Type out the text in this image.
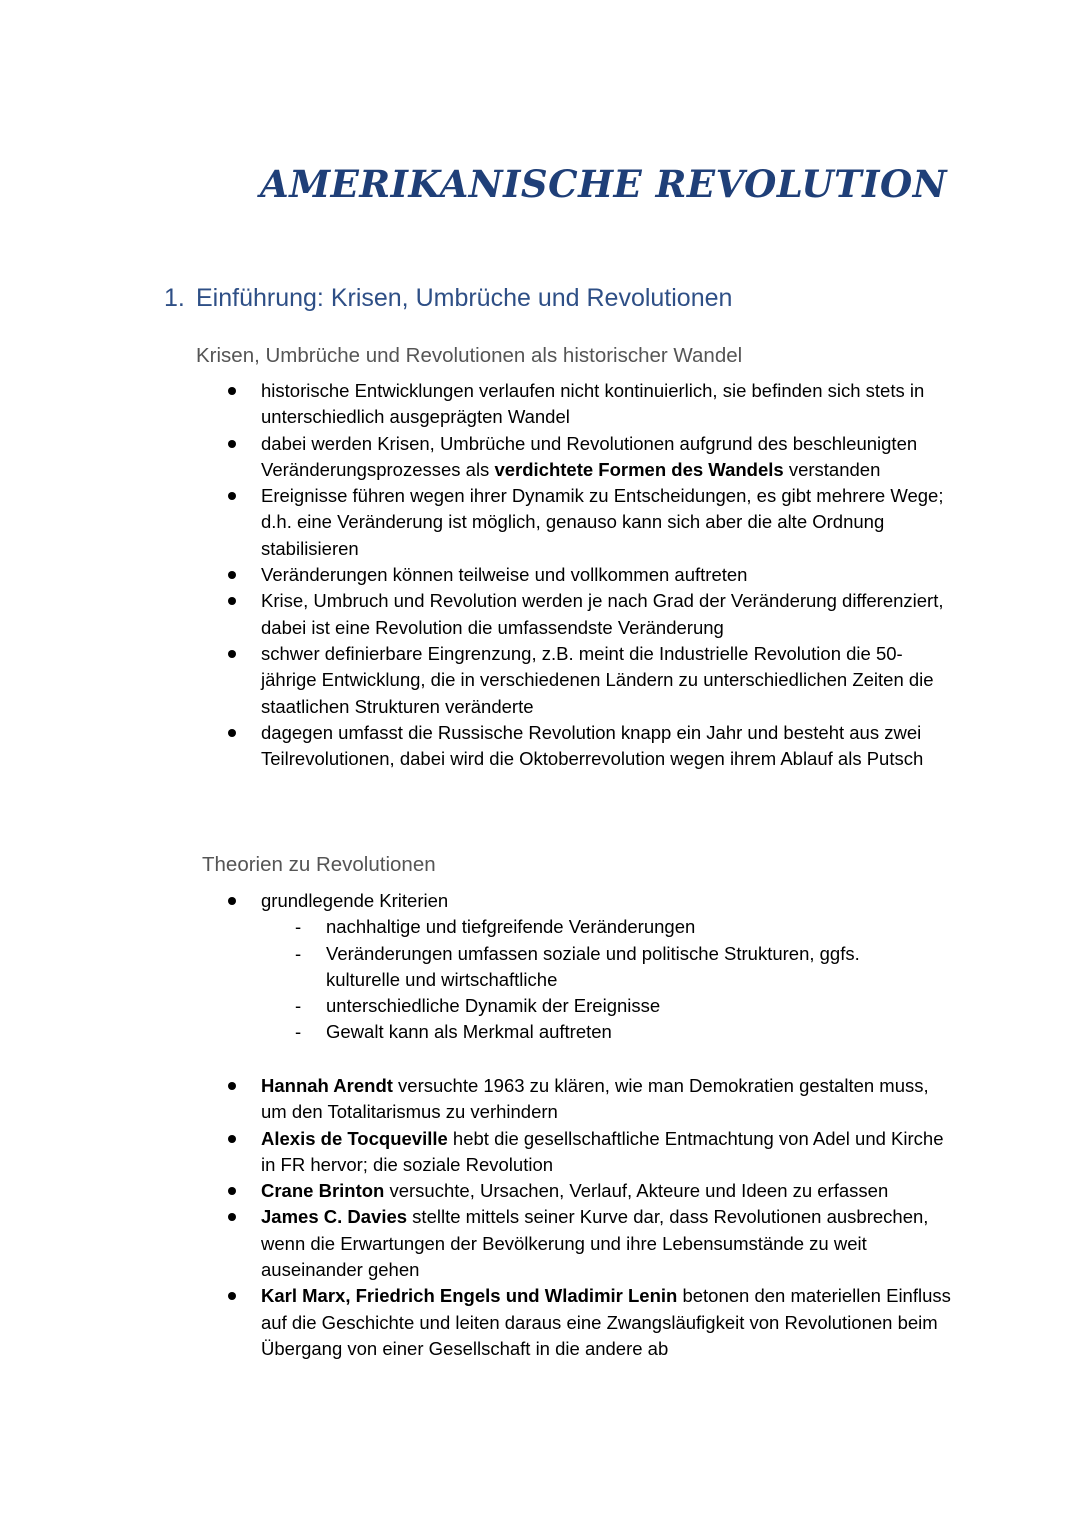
AMERIKANISCHE REVOLUTION
1. Einführung: Krisen, Umbrüche und Revolutionen
Krisen, Umbrüche und Revolutionen als historischer Wandel
historische Entwicklungen verlaufen nicht kontinuierlich, sie befinden sich stets in unterschiedlich ausgeprägten Wandel
dabei werden Krisen, Umbrüche und Revolutionen aufgrund des beschleunigten Veränderungsprozesses als verdichtete Formen des Wandels verstanden
Ereignisse führen wegen ihrer Dynamik zu Entscheidungen, es gibt mehrere Wege; d.h. eine Veränderung ist möglich, genauso kann sich aber die alte Ordnung stabilisieren
Veränderungen können teilweise und vollkommen auftreten
Krise, Umbruch und Revolution werden je nach Grad der Veränderung differenziert, dabei ist eine Revolution die umfassendste Veränderung
schwer definierbare Eingrenzung, z.B. meint die Industrielle Revolution die 50-jährige Entwicklung, die in verschiedenen Ländern zu unterschiedlichen Zeiten die staatlichen Strukturen veränderte
dagegen umfasst die Russische Revolution knapp ein Jahr und besteht aus zwei Teilrevolutionen, dabei wird die Oktoberrevolution wegen ihrem Ablauf als Putsch
Theorien zu Revolutionen
grundlegende Kriterien
- nachhaltige und tiefgreifende Veränderungen
- Veränderungen umfassen soziale und politische Strukturen, ggfs. kulturelle und wirtschaftliche
- unterschiedliche Dynamik der Ereignisse
- Gewalt kann als Merkmal auftreten
Hannah Arendt versuchte 1963 zu klären, wie man Demokratien gestalten muss, um den Totalitarismus zu verhindern
Alexis de Tocqueville hebt die gesellschaftliche Entmachtung von Adel und Kirche in FR hervor; die soziale Revolution
Crane Brinton versuchte, Ursachen, Verlauf, Akteure und Ideen zu erfassen
James C. Davies stellte mittels seiner Kurve dar, dass Revolutionen ausbrechen, wenn die Erwartungen der Bevölkerung und ihre Lebensumstände zu weit auseinander gehen
Karl Marx, Friedrich Engels und Wladimir Lenin betonen den materiellen Einfluss auf die Geschichte und leiten daraus eine Zwangsläufigkeit von Revolutionen beim Übergang von einer Gesellschaft in die andere ab
